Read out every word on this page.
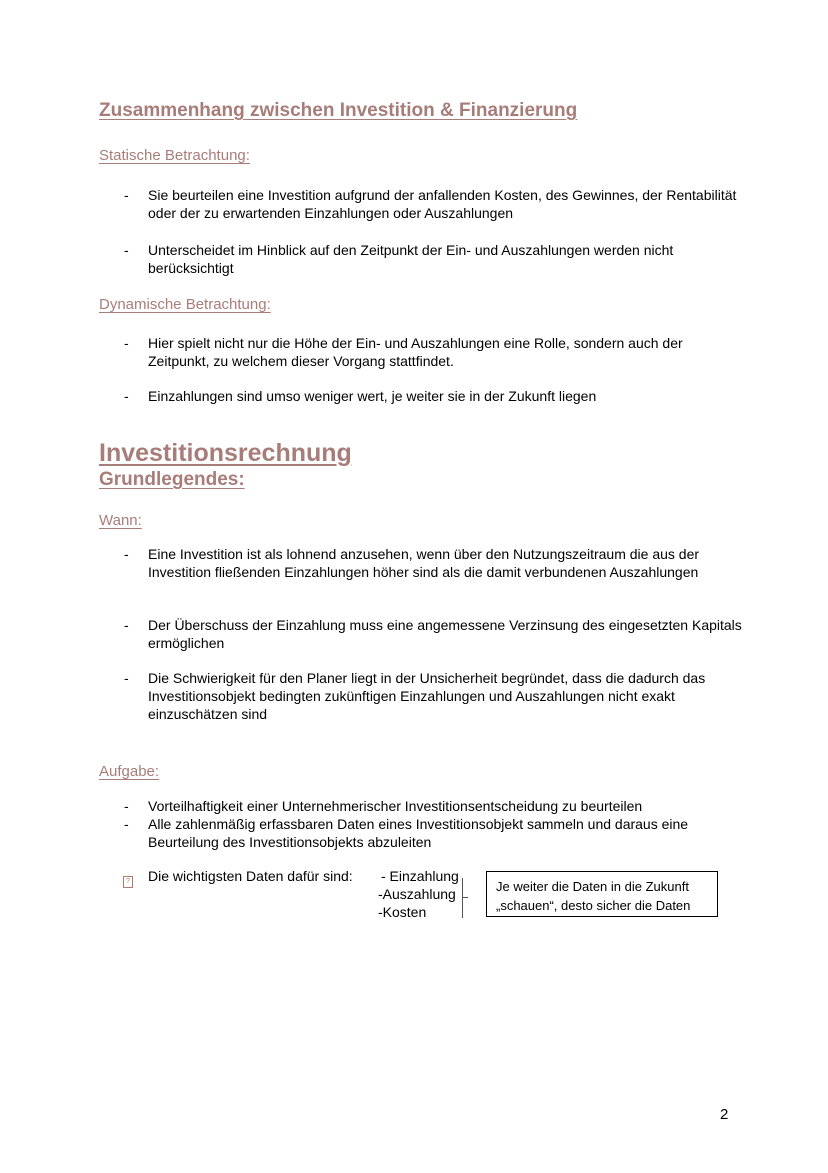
Zusammenhang zwischen Investition & Finanzierung
Statische Betrachtung:
- Sie beurteilen eine Investition aufgrund der anfallenden Kosten, des Gewinnes, der Rentabilität oder der zu erwartenden Einzahlungen oder Auszahlungen
- Unterscheidet im Hinblick auf den Zeitpunkt der Ein- und Auszahlungen werden nicht berücksichtigt
Dynamische Betrachtung:
- Hier spielt nicht nur die Höhe der Ein- und Auszahlungen eine Rolle, sondern auch der Zeitpunkt, zu welchem dieser Vorgang stattfindet.
- Einzahlungen sind umso weniger wert, je weiter sie in der Zukunft liegen
Investitionsrechnung
Grundlegendes:
Wann:
- Eine Investition ist als lohnend anzusehen, wenn über den Nutzungszeitraum die aus der Investition fließenden Einzahlungen höher sind als die damit verbundenen Auszahlungen
- Der Überschuss der Einzahlung muss eine angemessene Verzinsung des eingesetzten Kapitals ermöglichen
- Die Schwierigkeit für den Planer liegt in der Unsicherheit begründet, dass die dadurch das Investitionsobjekt bedingten zukünftigen Einzahlungen und Auszahlungen nicht exakt einzuschätzen sind
Aufgabe:
- Vorteilhaftigkeit einer Unternehmerischer Investitionsentscheidung zu beurteilen
- Alle zahlenmäßig erfassbaren Daten eines Investitionsobjekt sammeln und daraus eine Beurteilung des Investitionsobjekts abzuleiten
? Die wichtigsten Daten dafür sind: - Einzahlung
-Auszahlung
-Kosten
Je weiter die Daten in die Zukunft
„schauen“, desto sicher die Daten
2
